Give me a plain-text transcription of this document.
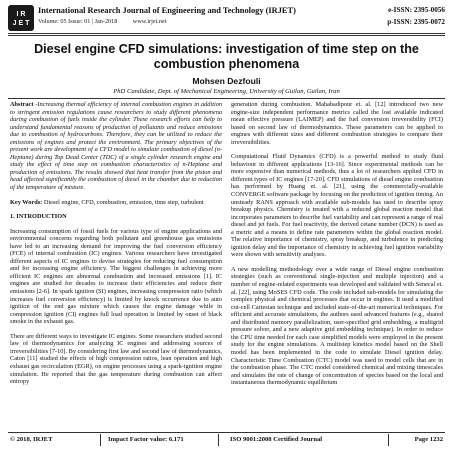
I R
J E T
International Research Journal of Engineering and Technology (IRJET)
Volume: 05 Issue: 01 | Jan-2018          www.irjet.net
e-ISSN: 2395-0056
p-ISSN: 2395-0072
Diesel engine CFD simulations: investigation of time step on the combustion phenomena
Mohsen Dezfouli
PhD Candidate, Dept. of Mechanical Engineering, University of Guilan, Guilan, Iran

Abstract -Increasing thermal efficiency of internal combustion engines in addition to stringent emission regulations cause researchers to study different phenomena during combustion of fuels inside the cylinder. These research efforts can help to understand fundamental reasons of production of pollutants and reduce emissions due to combustion of hydrocarbons. Therefore, they can be utilized to reduce the emissions of engines and protect the environment. The primary objectives of the present work are development of a CFD model to simulate combustion of diesel (n-Heptane) during Top Dead Center (TDC) of a single cylinder research engine and study the effect of time step on combustion characteristics of n-Heptane and production of emissions. The results showed that heat transfer from the piston and head affected significantly the combustion of diesel in the chamber due to reduction of the temperature of mixture.

Key Words: Diesel engine, CFD, combustion, emission, time step, turbulent

1. INTRODUCTION

Increasing consumption of fossil fuels for various type of engine applications and environmental concerns regarding both pollutant and greenhouse gas emissions have led to an increasing demand for improving the fuel conversion efficiency (FCE) of internal combustion (IC) engines. Various researchers have investigated different aspects of IC engines to devise strategies for reducing fuel consumption and for increasing engine efficiency. The biggest challenges in achieving more efficient IC engines are abnormal combustion and increased emissions [1]. IC engines are studied for decades to increase their efficiencies and reduce their emissions [2-6]. In spark ignition (SI) engines, increasing compression ratio (which increases fuel conversion efficiency) is limited by knock occurrence due to auto ignition of the end gas mixture which causes the engine damage while in compression ignition (CI) engines full load operation is limited by onset of black smoke in the exhaust gas.

There are different ways to investigate IC engines. Some researchers studied second law of thermodynamics for analyzing IC engines and addressing sources of irreversibilities [7-10]. By considering first law and second law of thermodynamics, Caton [11] studied the effects of high compression ratios, lean operation and high exhaust gas recirculation (EGR), on engine processes using a spark-ignition engine simulation. He reported that the gas temperature during combustion can affect entropy

generation during combustion. Mahabadipour et. al. [12] introduced two new engine-size independent performance metrics called the lost available indicated mean effective pressure (LAIMEP) and the fuel conversion irreversibility (FCI) based on second law of thermodynamics. These parameters can be applied to engines with different sizes and different combustion strategies to compare their irreversibilities.

Computational Fluid Dynamics (CFD) is a powerful method to study fluid behaviour in different applications [13-16]. Since experimental methods can be more expensive than numerical methods, thus a lot of researchers applied CFD in different types of IC engines [17-20]. CFD simulations of diesel engine combustion has performed by Huang et. al. [21], using the commercially-available CONVERGE software package by focusing on the prediction of ignition timing. An unsteady RANS approach with available sub-models has used to describe spray breakup physics. Chemistry is treated with a reduced global reaction model that incorporates parameters to describe fuel variability and can represent a range of real diesel and jet fuels. For fuel reactivity, the derived cetane number (DCN) is used as a metric and a means to define rate parameters within the global reaction model. The relative importance of chemistry, spray breakup, and turbulence in predicting ignition delay and the importance of chemistry in achieving fuel ignition variability were shown with sensitivity analyses.

A new modelling methodology over a wide range of Diesel engine combustion strategies (such as conventional single-injection and multiple injection) and a number of engine-related experiments was developed and validated with Senecal et. al. [22], using MoSES CFD code. The code included sub-models for simulating the complex physical and chemical processes that occur in engines. It used a modified cut-cell Cartesian technique and included state-of-the-art numerical techniques. For efficient and accurate simulations, the authors used advanced features (e.g., shared and distributed memory parallelization, user-specified grid embedding, a multigrid pressure solver, and a new adaptive grid embedding technique). In order to reduce the CPU time needed for each case simplified models were employed in the present study for the engine simulations. A multistep kinetics model based on the Shell model has been implemented in the code to simulate Diesel ignition delay. Characteristic Time Combustion (CTC) model was used to model cells that are in the combustion phase. The CTC model considered chemical and mixing timescales and simulates the rate of change of concentration of species based on the local and instantaneous thermodynamic equilibrium

© 2018, IRJET	Impact Factor value: 6.171	ISO 9001:2008 Certified Journal	Page 1232
